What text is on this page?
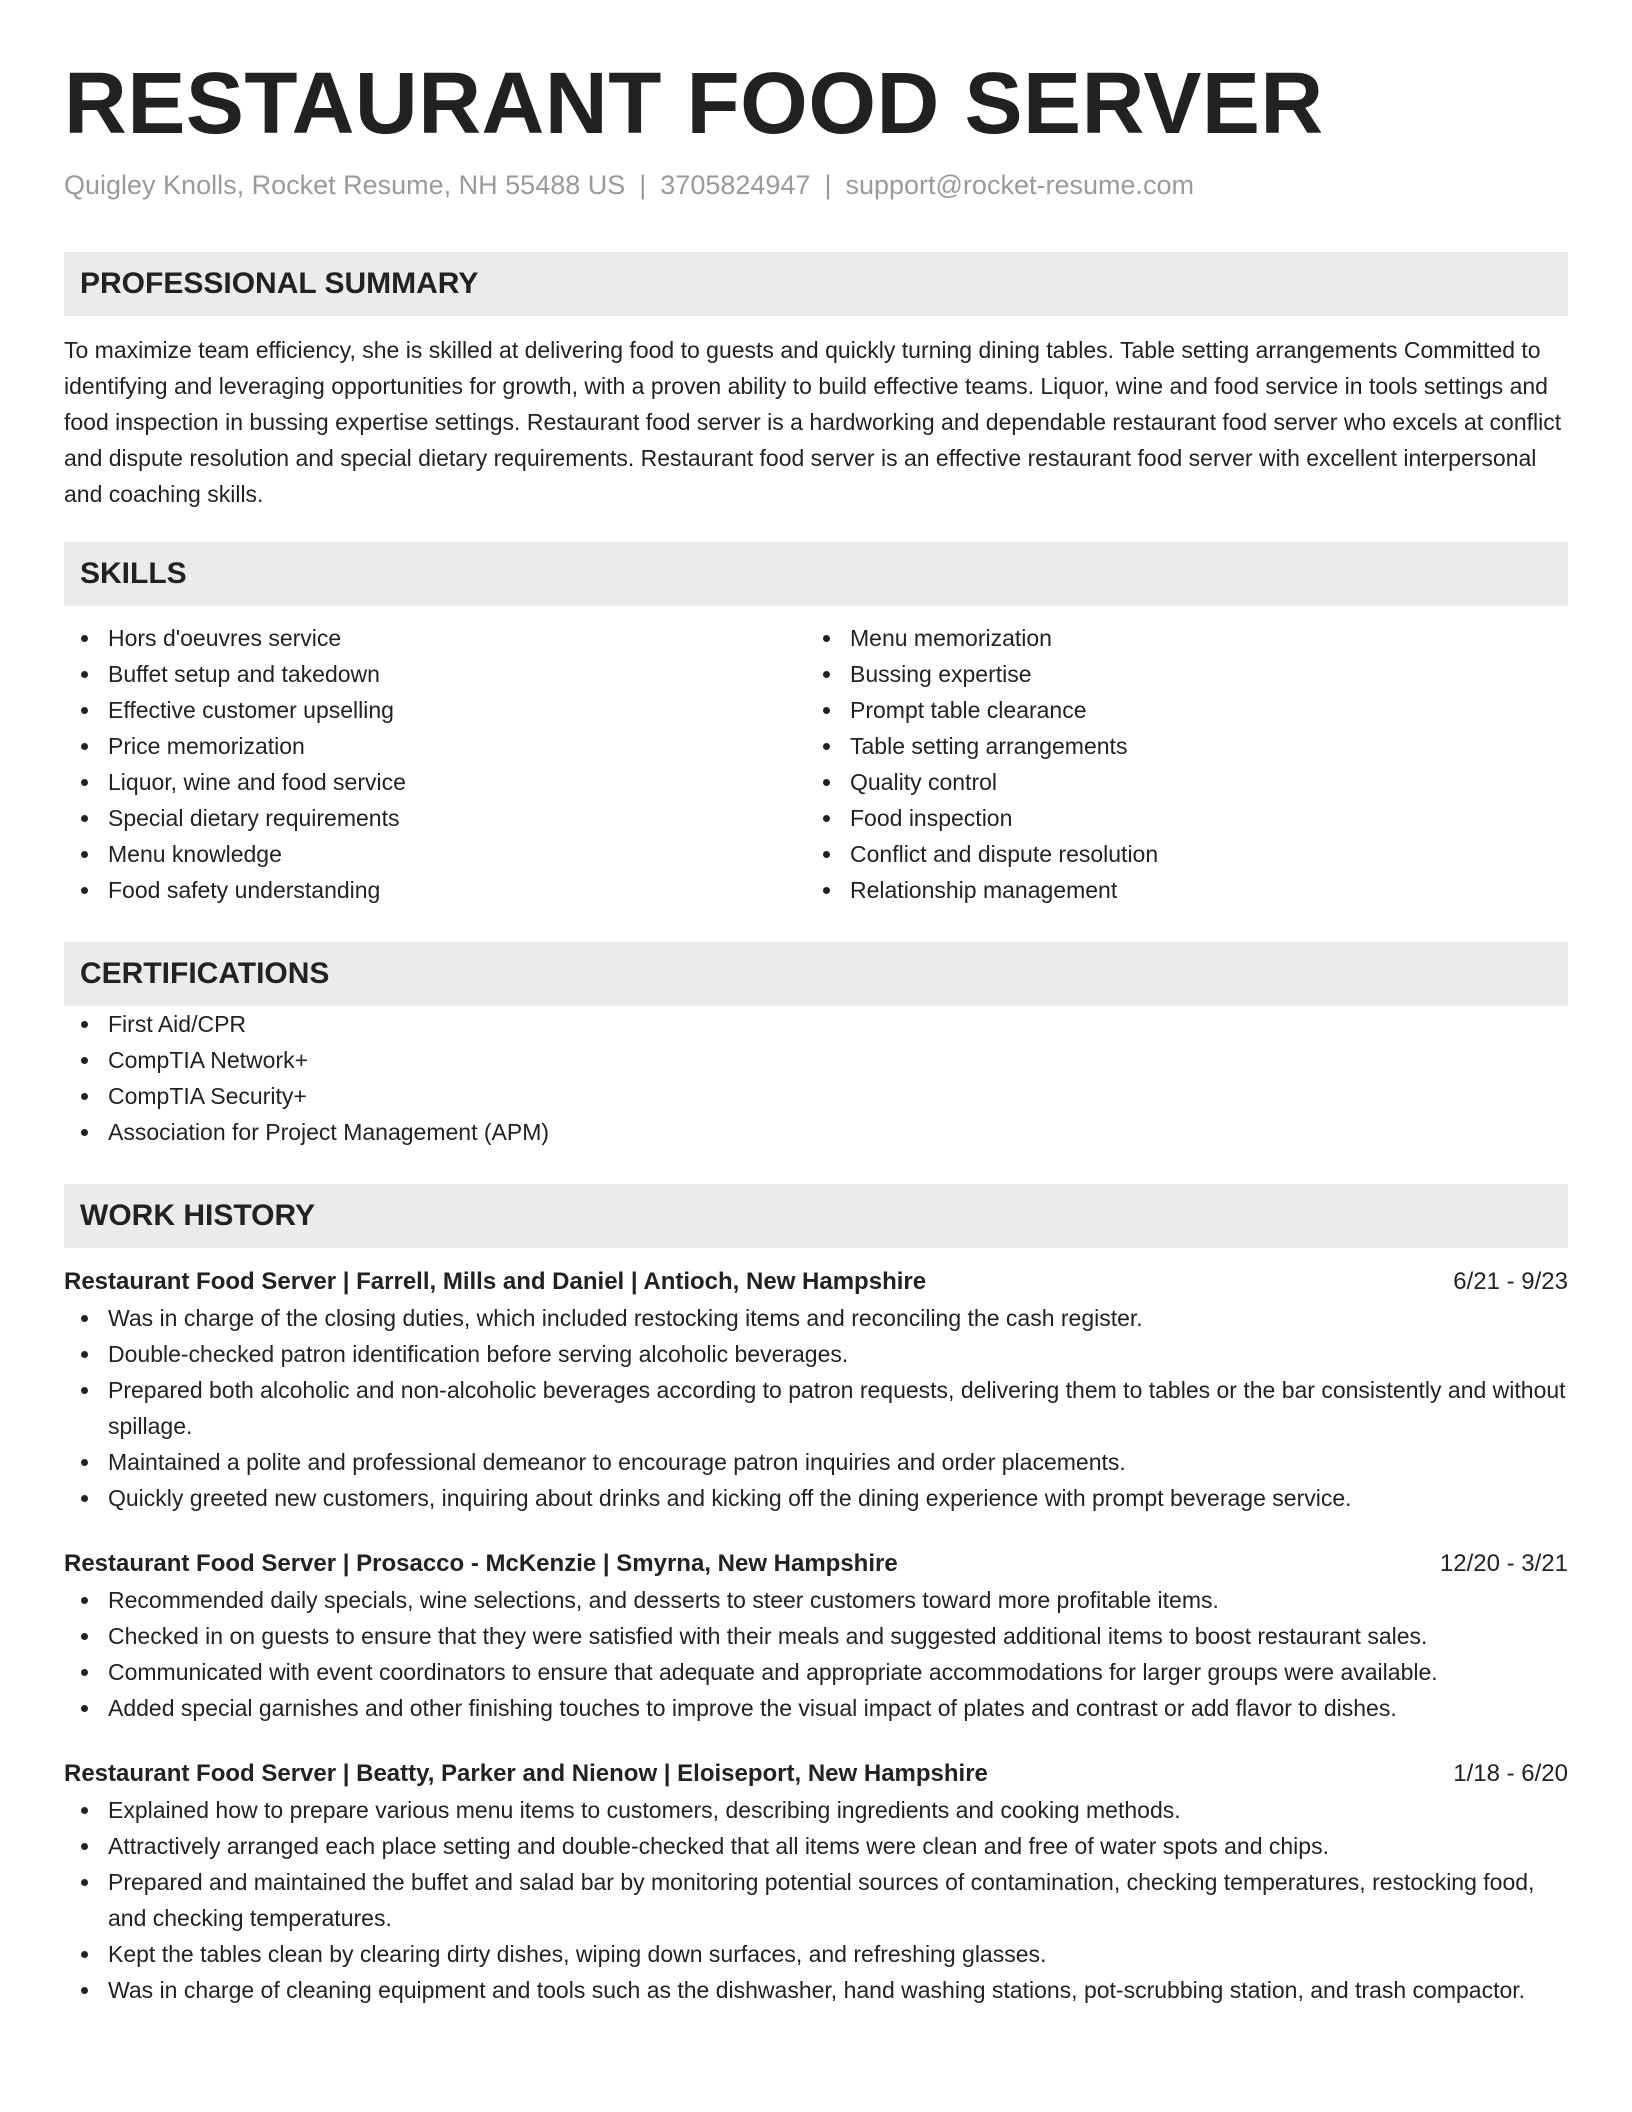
RESTAURANT FOOD SERVER
Quigley Knolls, Rocket Resume, NH 55488 US | 3705824947 | support@rocket-resume.com
PROFESSIONAL SUMMARY

To maximize team efficiency, she is skilled at delivering food to guests and quickly turning dining tables. Table setting arrangements Committed to identifying and leveraging opportunities for growth, with a proven ability to build effective teams. Liquor, wine and food service in tools settings and food inspection in bussing expertise settings. Restaurant food server is a hardworking and dependable restaurant food server who excels at conflict and dispute resolution and special dietary requirements. Restaurant food server is an effective restaurant food server with excellent interpersonal and coaching skills.

SKILLS
Hors d'oeuvres service
Buffet setup and takedown
Effective customer upselling
Price memorization
Liquor, wine and food service
Special dietary requirements
Menu knowledge
Food safety understanding
Menu memorization
Bussing expertise
Prompt table clearance
Table setting arrangements
Quality control
Food inspection
Conflict and dispute resolution
Relationship management
CERTIFICATIONS
First Aid/CPR
CompTIA Network+
CompTIA Security+
Association for Project Management (APM)
WORK HISTORY
Restaurant Food Server | Farrell, Mills and Daniel | Antioch, New Hampshire	6/21 - 9/23
Was in charge of the closing duties, which included restocking items and reconciling the cash register.
Double-checked patron identification before serving alcoholic beverages.
Prepared both alcoholic and non-alcoholic beverages according to patron requests, delivering them to tables or the bar consistently and without spillage.
Maintained a polite and professional demeanor to encourage patron inquiries and order placements.
Quickly greeted new customers, inquiring about drinks and kicking off the dining experience with prompt beverage service.
Restaurant Food Server | Prosacco - McKenzie | Smyrna, New Hampshire	12/20 - 3/21
Recommended daily specials, wine selections, and desserts to steer customers toward more profitable items.
Checked in on guests to ensure that they were satisfied with their meals and suggested additional items to boost restaurant sales.
Communicated with event coordinators to ensure that adequate and appropriate accommodations for larger groups were available.
Added special garnishes and other finishing touches to improve the visual impact of plates and contrast or add flavor to dishes.
Restaurant Food Server | Beatty, Parker and Nienow | Eloiseport, New Hampshire	1/18 - 6/20
Explained how to prepare various menu items to customers, describing ingredients and cooking methods.
Attractively arranged each place setting and double-checked that all items were clean and free of water spots and chips.
Prepared and maintained the buffet and salad bar by monitoring potential sources of contamination, checking temperatures, restocking food, and checking temperatures.
Kept the tables clean by clearing dirty dishes, wiping down surfaces, and refreshing glasses.
Was in charge of cleaning equipment and tools such as the dishwasher, hand washing stations, pot-scrubbing station, and trash compactor.
